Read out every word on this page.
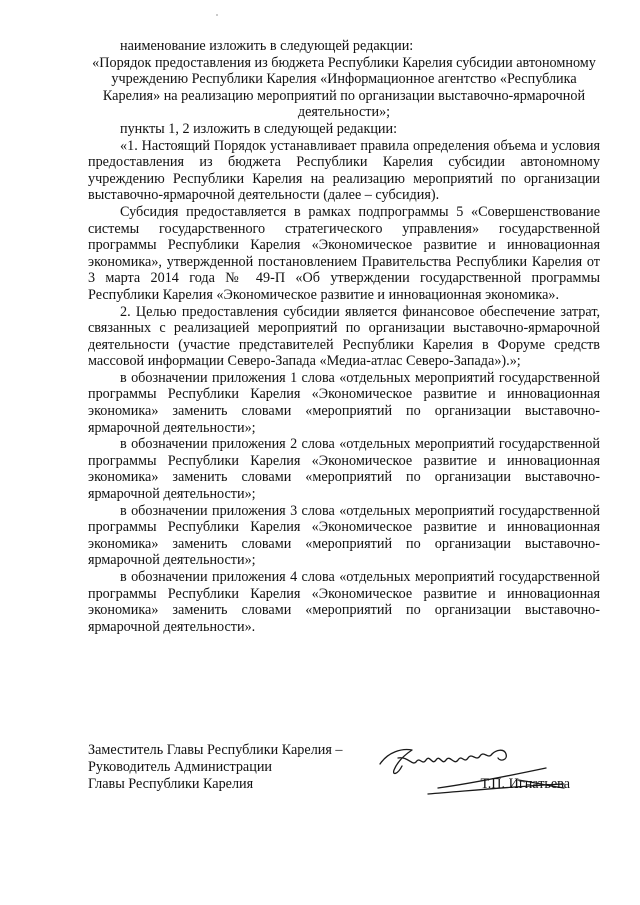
наименование изложить в следующей редакции:

«Порядок предоставления из бюджета Республики Карелия субсидии автономному учреждению Республики Карелия «Информационное агентство «Республика Карелия» на реализацию мероприятий по организации выставочно-ярмарочной деятельности»;

пункты 1, 2 изложить в следующей редакции:

«1. Настоящий Порядок устанавливает правила определения объема и условия предоставления из бюджета Республики Карелия субсидии автономному учреждению Республики Карелия на реализацию мероприятий по организации выставочно-ярмарочной деятельности (далее – субсидия).

Субсидия предоставляется в рамках подпрограммы 5 «Совершенствование системы государственного стратегического управления» государственной программы Республики Карелия «Экономическое развитие и инновационная экономика», утвержденной постановлением Правительства Республики Карелия от 3 марта 2014 года № 49-П «Об утверждении государственной программы Республики Карелия «Экономическое развитие и инновационная экономика».

2. Целью предоставления субсидии является финансовое обеспечение затрат, связанных с реализацией мероприятий по организации выставочно-ярмарочной деятельности (участие представителей Республики Карелия в Форуме средств массовой информации Северо-Запада «Медиа-атлас Северо-Запада»).»;

в обозначении приложения 1 слова «отдельных мероприятий государственной программы Республики Карелия «Экономическое развитие и инновационная экономика» заменить словами «мероприятий по организации выставочно-ярмарочной деятельности»;

в обозначении приложения 2 слова «отдельных мероприятий государственной программы Республики Карелия «Экономическое развитие и инновационная экономика» заменить словами «мероприятий по организации выставочно-ярмарочной деятельности»;

в обозначении приложения 3 слова «отдельных мероприятий государственной программы Республики Карелия «Экономическое развитие и инновационная экономика» заменить словами «мероприятий по организации выставочно-ярмарочной деятельности»;

в обозначении приложения 4 слова «отдельных мероприятий государственной программы Республики Карелия «Экономическое развитие и инновационная экономика» заменить словами «мероприятий по организации выставочно-ярмарочной деятельности».

Заместитель Главы Республики Карелия –
Руководитель Администрации
Главы Республики Карелия	Т.П. Игнатьева
